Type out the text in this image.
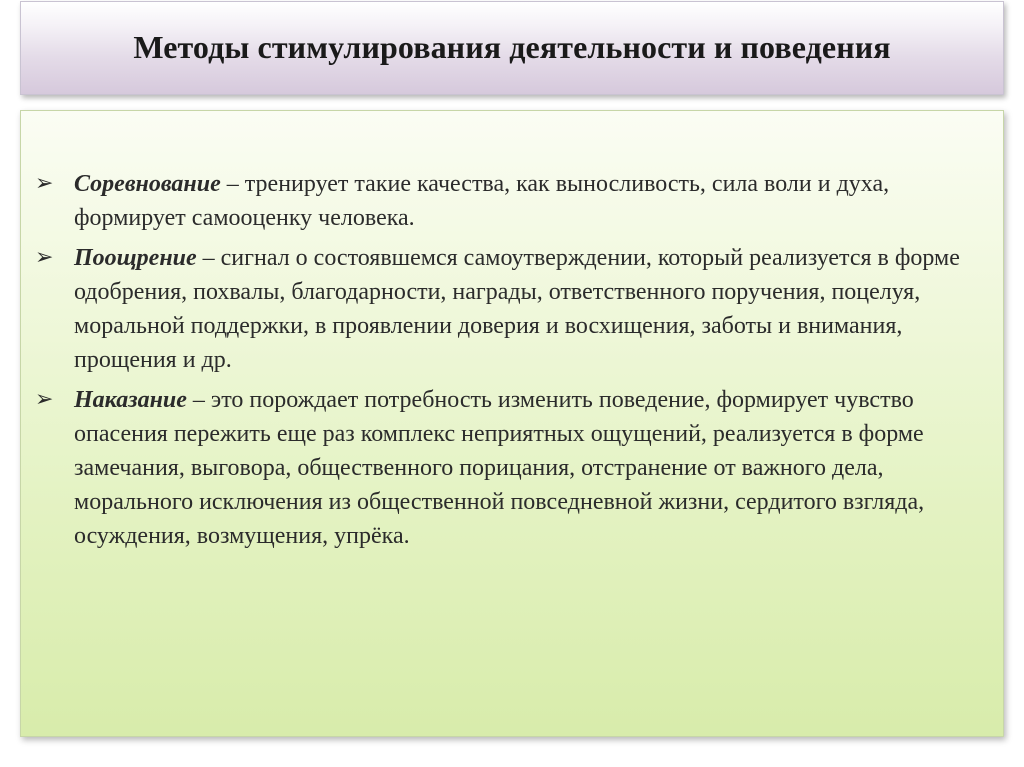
Методы стимулирования деятельности и поведения
➢ Соревнование – тренирует такие качества, как выносливость, сила воли и духа, формирует самооценку человека.
➢ Поощрение – сигнал о состоявшемся самоутверждении, который реализуется в форме одобрения, похвалы, благодарности, награды, ответственного поручения, поцелуя, моральной поддержки, в проявлении доверия и восхищения, заботы и внимания, прощения и др.
➢ Наказание – это порождает потребность изменить поведение, формирует чувство опасения пережить еще раз комплекс неприятных ощущений, реализуется в форме замечания, выговора, общественного порицания, отстранение от важного дела, морального исключения из общественной повседневной жизни, сердитого взгляда, осуждения, возмущения, упрёка.
